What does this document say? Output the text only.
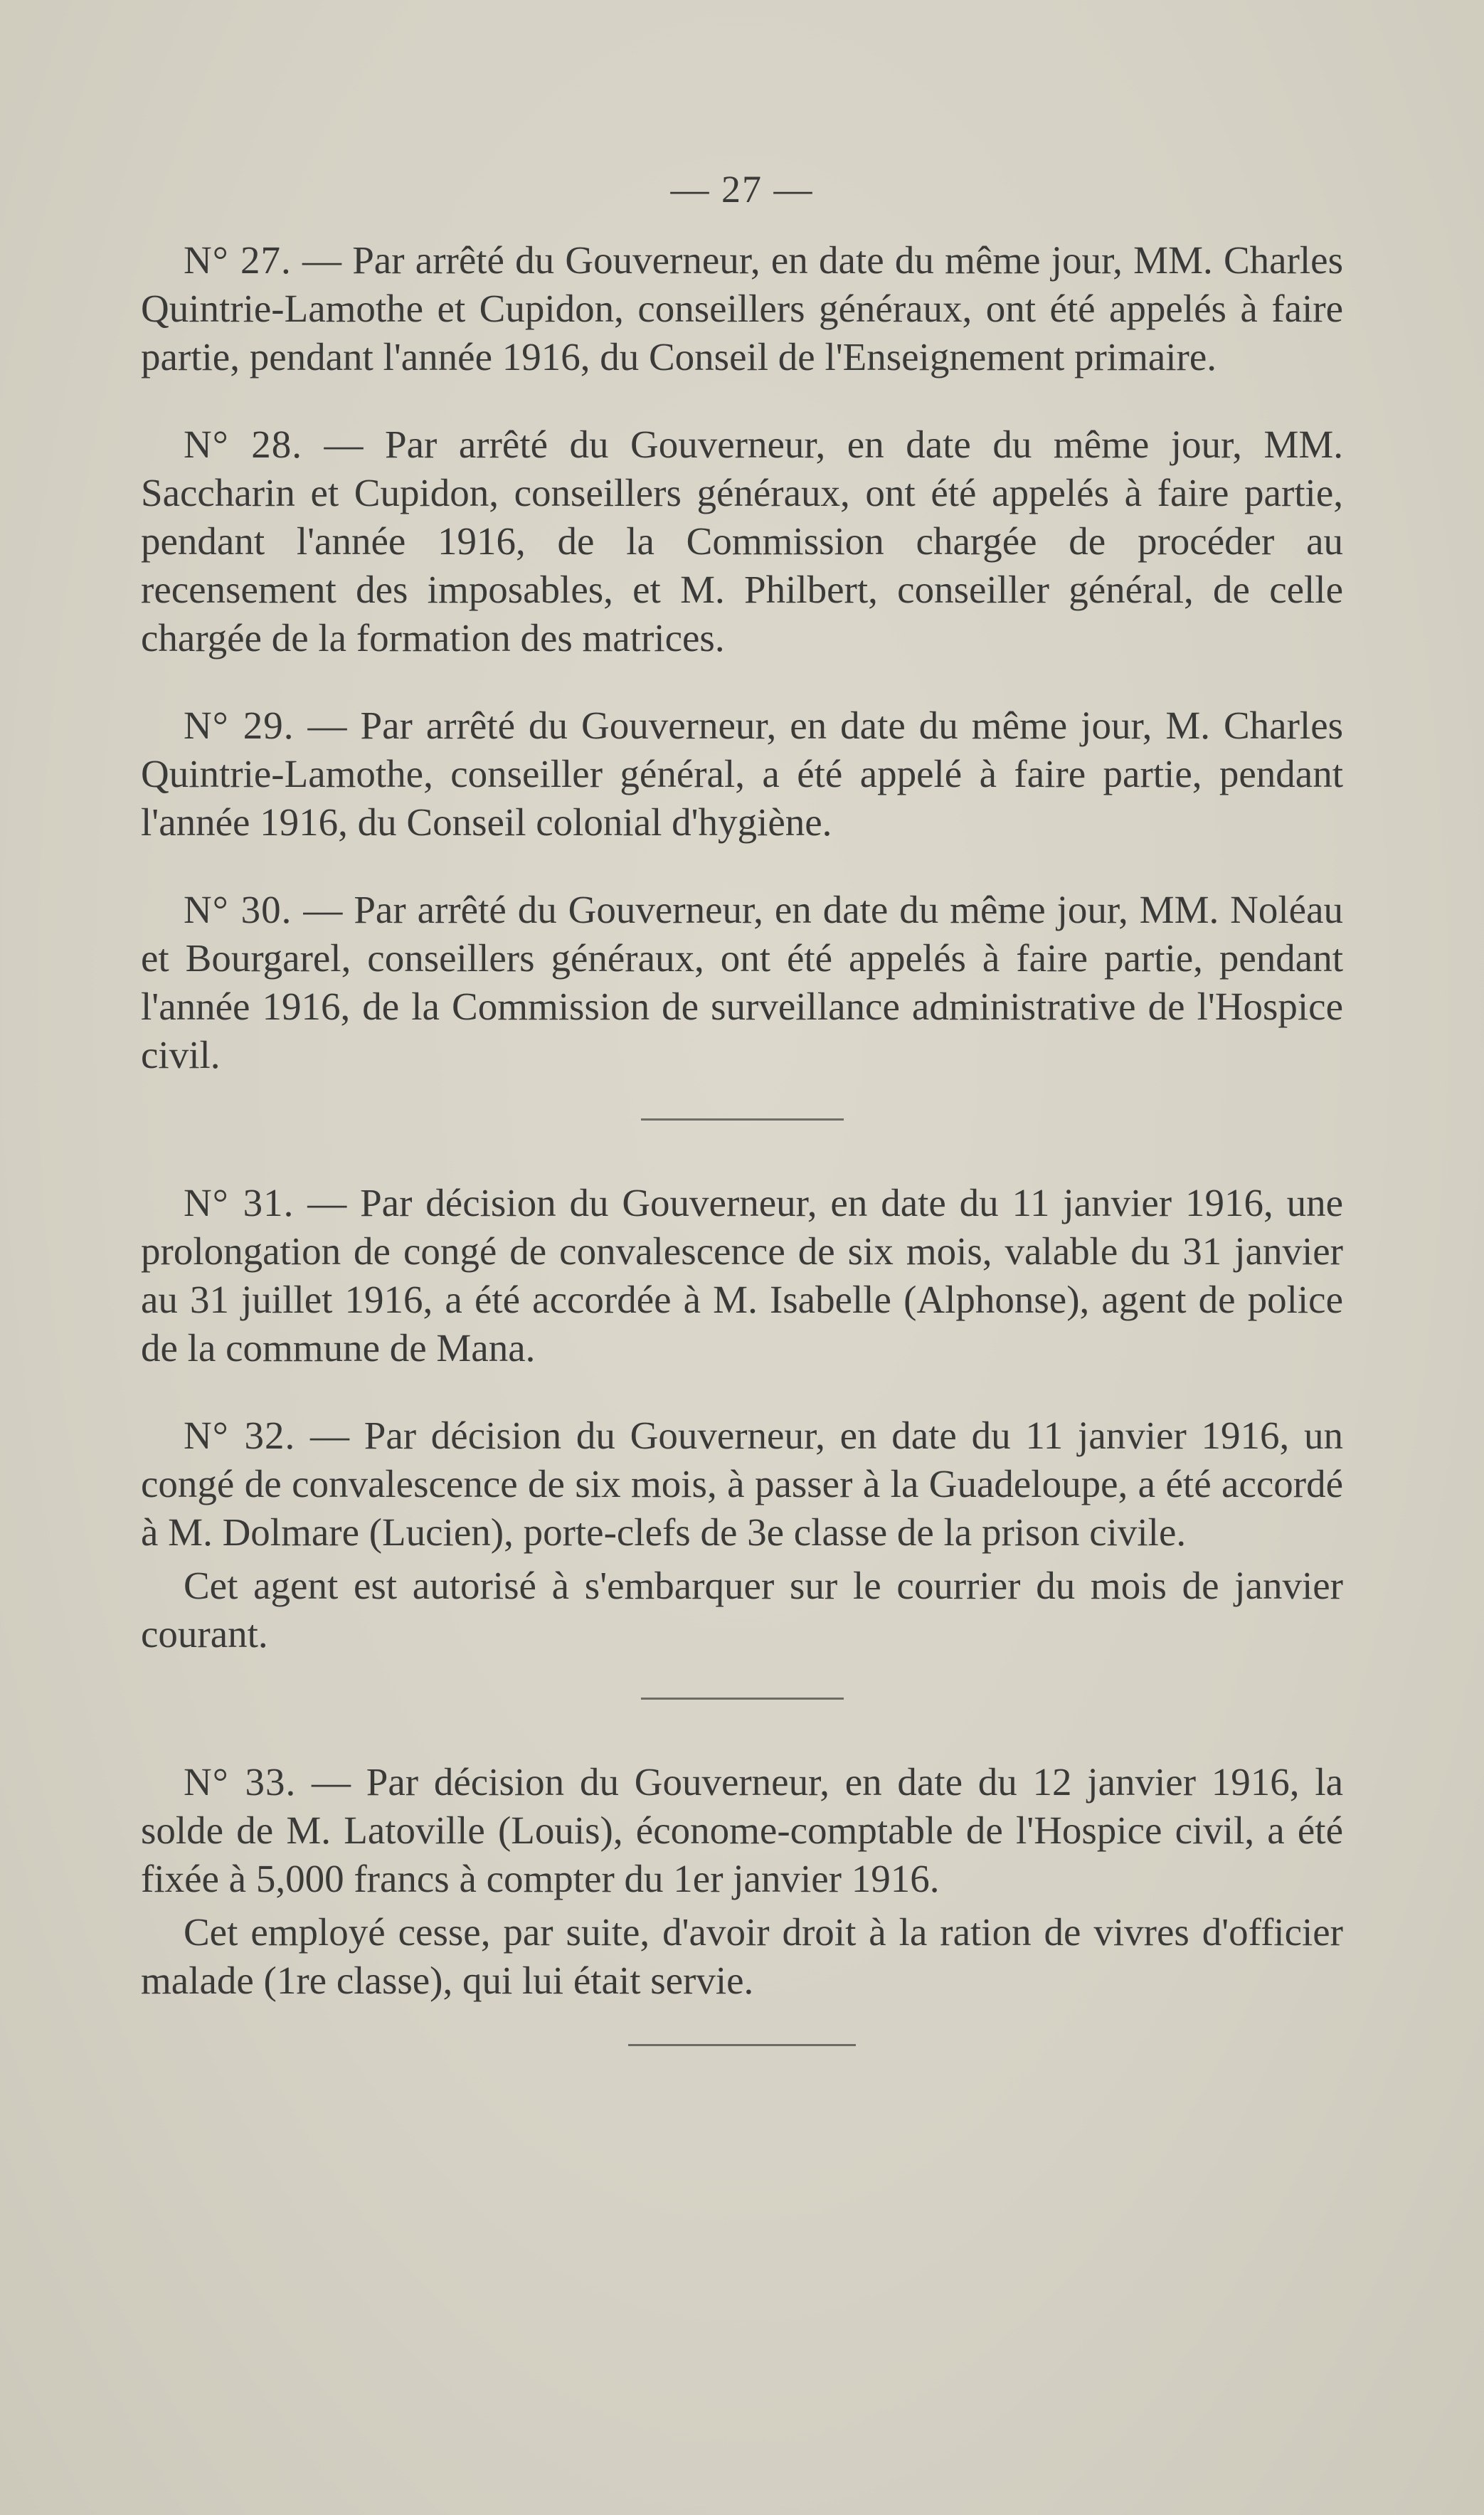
— 27 —

N° 27. — Par arrêté du Gouverneur, en date du même jour, MM. Charles Quintrie-Lamothe et Cupidon, conseillers généraux, ont été appelés à faire partie, pendant l'année 1916, du Conseil de l'Enseignement primaire.

N° 28. — Par arrêté du Gouverneur, en date du même jour, MM. Saccharin et Cupidon, conseillers généraux, ont été appelés à faire partie, pendant l'année 1916, de la Commission chargée de procéder au recensement des imposables, et M. Philbert, conseiller général, de celle chargée de la formation des matrices.

N° 29. — Par arrêté du Gouverneur, en date du même jour, M. Charles Quintrie-Lamothe, conseiller général, a été appelé à faire partie, pendant l'année 1916, du Conseil colonial d'hygiène.

N° 30. — Par arrêté du Gouverneur, en date du même jour, MM. Noléau et Bourgarel, conseillers généraux, ont été appelés à faire partie, pendant l'année 1916, de la Commission de surveillance administrative de l'Hospice civil.

N° 31. — Par décision du Gouverneur, en date du 11 janvier 1916, une prolongation de congé de convalescence de six mois, valable du 31 janvier au 31 juillet 1916, a été accordée à M. Isabelle (Alphonse), agent de police de la commune de Mana.

N° 32. — Par décision du Gouverneur, en date du 11 janvier 1916, un congé de convalescence de six mois, à passer à la Guadeloupe, a été accordé à M. Dolmare (Lucien), porte-clefs de 3e classe de la prison civile.

Cet agent est autorisé à s'embarquer sur le courrier du mois de janvier courant.

N° 33. — Par décision du Gouverneur, en date du 12 janvier 1916, la solde de M. Latoville (Louis), économe-comptable de l'Hospice civil, a été fixée à 5,000 francs à compter du 1er janvier 1916.

Cet employé cesse, par suite, d'avoir droit à la ration de vivres d'officier malade (1re classe), qui lui était servie.
